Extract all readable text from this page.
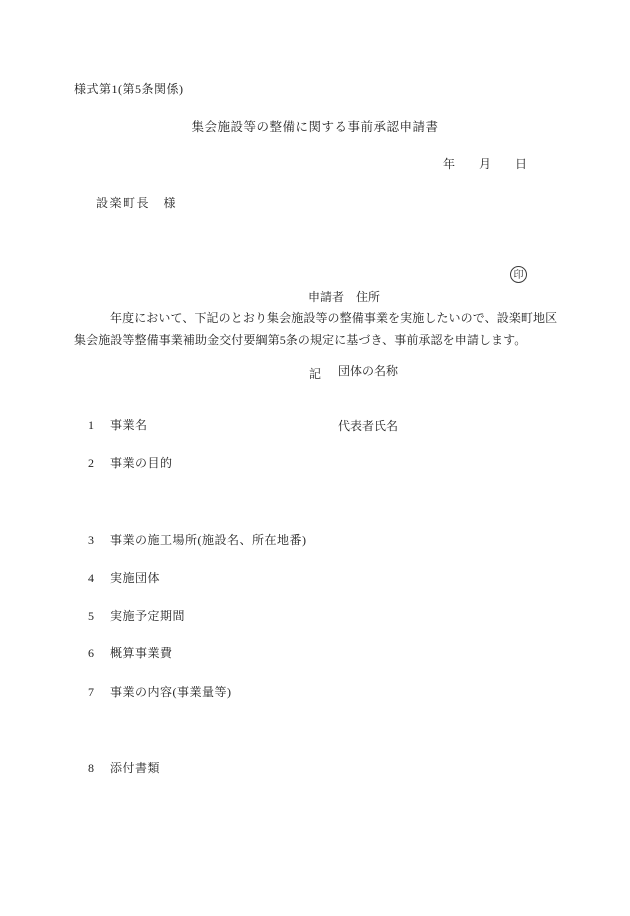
様式第1(第5条関係)
集会施設等の整備に関する事前承認申請書
年　　月　　日
設楽町長　様

申請者 住所

団体の名称

代表者氏名

印
年度において、下記のとおり集会施設等の整備事業を実施したいので、設楽町地区
集会施設等整備事業補助金交付要綱第5条の規定に基づき、事前承認を申請します。
記

1 事業名

2 事業の目的

3 事業の施工場所(施設名、所在地番)

4 実施団体

5 実施予定期間

6 概算事業費

7 事業の内容(事業量等)

8 添付書類
